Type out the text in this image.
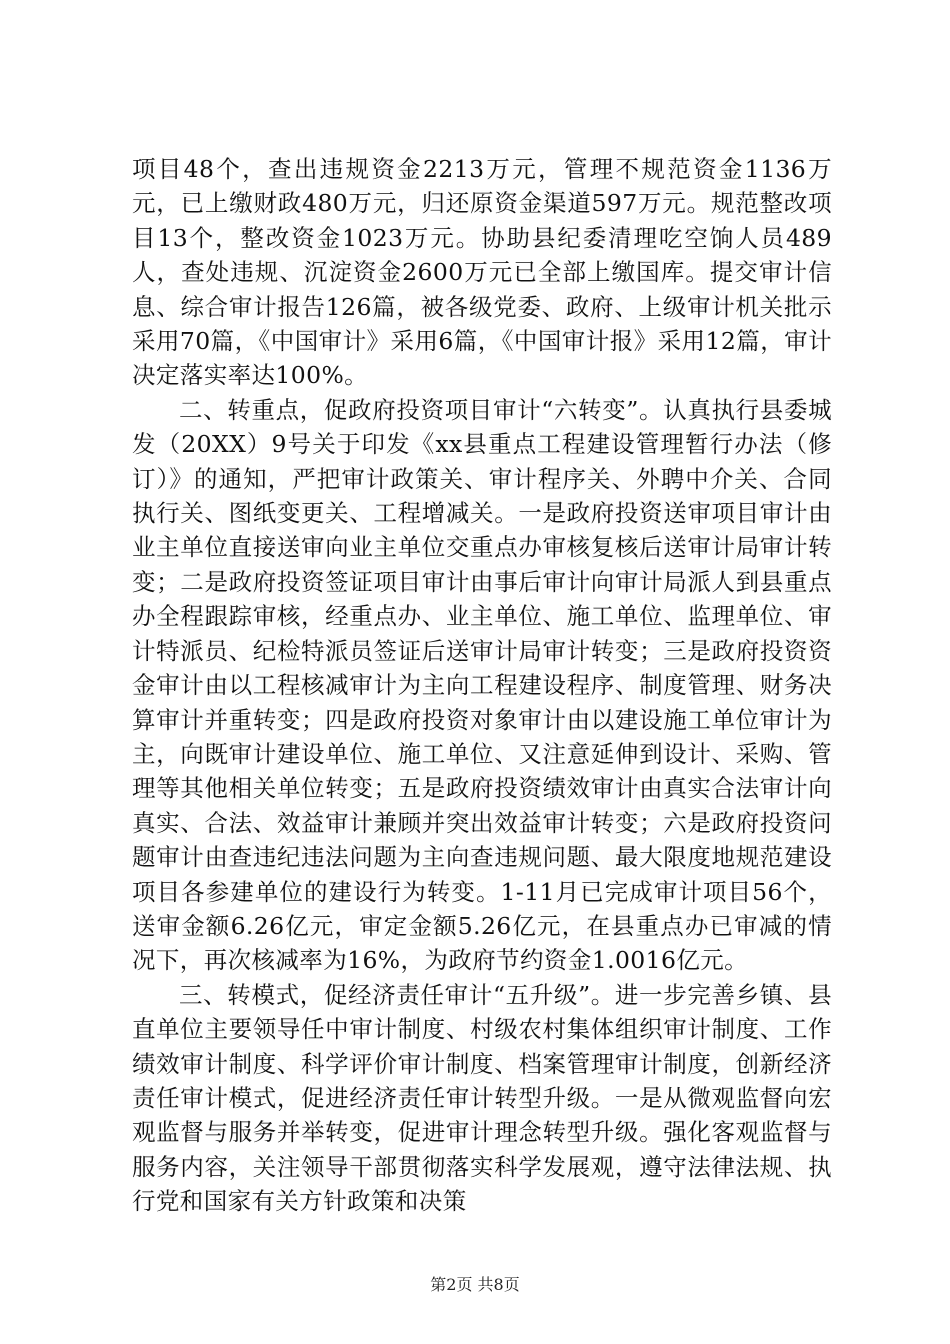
项目48个，查出违规资金2213万元，管理不规范资金1136万元，已上缴财政480万元，归还原资金渠道597万元。规范整改项目13个，整改资金1023万元。协助县纪委清理吃空饷人员489人，查处违规、沉淀资金2600万元已全部上缴国库。提交审计信息、综合审计报告126篇，被各级党委、政府、上级审计机关批示采用70篇，《中国审计》采用6篇，《中国审计报》采用12篇，审计决定落实率达100%。

二、转重点，促政府投资项目审计“六转变”。认真执行县委城发（20XX）9号关于印发《xx县重点工程建设管理暂行办法（修订）》的通知，严把审计政策关、审计程序关、外聘中介关、合同执行关、图纸变更关、工程增减关。一是政府投资送审项目审计由业主单位直接送审向业主单位交重点办审核复核后送审计局审计转变；二是政府投资签证项目审计由事后审计向审计局派人到县重点办全程跟踪审核，经重点办、业主单位、施工单位、监理单位、审计特派员、纪检特派员签证后送审计局审计转变；三是政府投资资金审计由以工程核减审计为主向工程建设程序、制度管理、财务决算审计并重转变；四是政府投资对象审计由以建设施工单位审计为主，向既审计建设单位、施工单位、又注意延伸到设计、采购、管理等其他相关单位转变；五是政府投资绩效审计由真实合法审计向真实、合法、效益审计兼顾并突出效益审计转变；六是政府投资问题审计由查违纪违法问题为主向查违规问题、最大限度地规范建设项目各参建单位的建设行为转变。1-11月已完成审计项目56个，送审金额6.26亿元，审定金额5.26亿元，在县重点办已审减的情况下，再次核减率为16%，为政府节约资金1.0016亿元。

三、转模式，促经济责任审计“五升级”。进一步完善乡镇、县直单位主要领导任中审计制度、村级农村集体组织审计制度、工作绩效审计制度、科学评价审计制度、档案管理审计制度，创新经济责任审计模式，促进经济责任审计转型升级。一是从微观监督向宏观监督与服务并举转变，促进审计理念转型升级。强化客观监督与服务内容，关注领导干部贯彻落实科学发展观，遵守法律法规、执行党和国家有关方针政策和决策

第2页 共8页
